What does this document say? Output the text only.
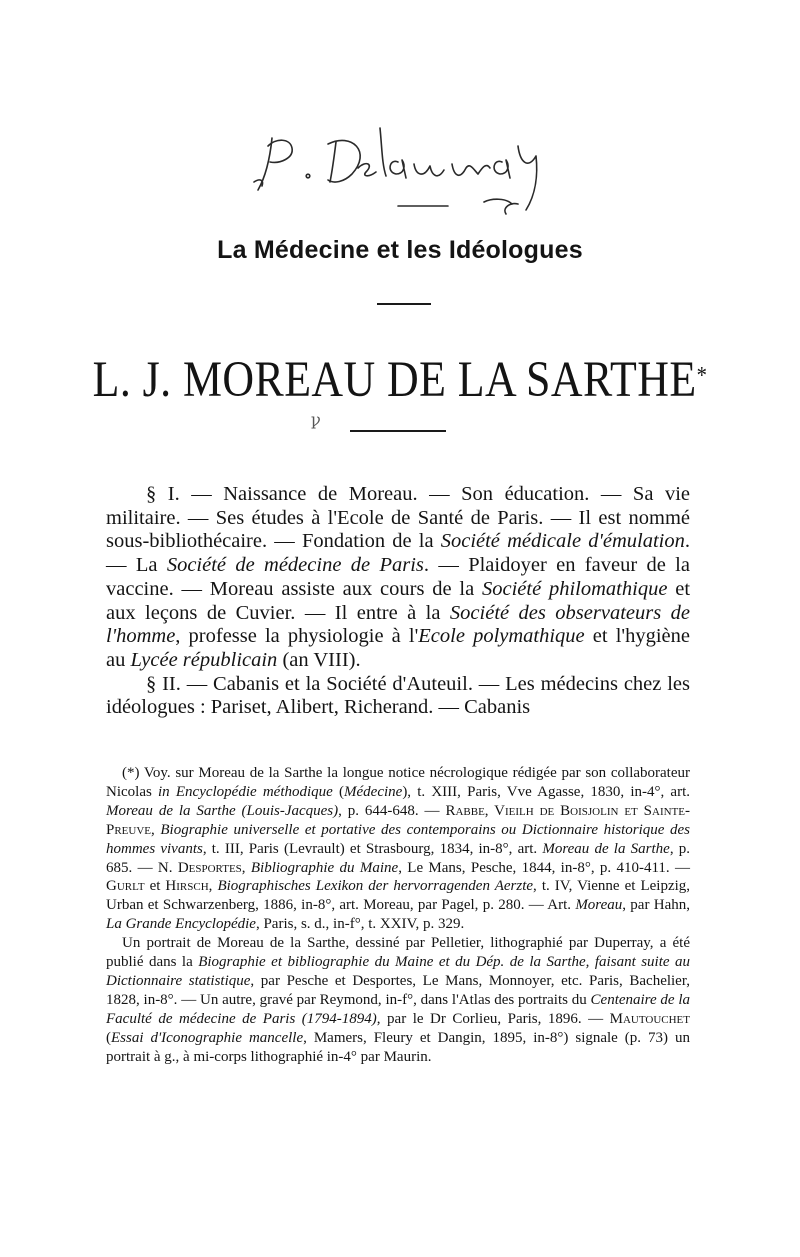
La Médecine et les Idéologues
L. J. MOREAU DE LA SARTHE*
ꝩ

§ I. — Naissance de Moreau. — Son éducation. — Sa vie militaire. — Ses études à l'Ecole de Santé de Paris. — Il est nommé sous-bibliothécaire. — Fondation de la Société médicale d'émulation. — La Société de médecine de Paris. — Plaidoyer en faveur de la vaccine. — Moreau assiste aux cours de la Société philomathique et aux leçons de Cuvier. — Il entre à la Société des observateurs de l'homme, professe la physiologie à l'Ecole polymathique et l'hygiène au Lycée républicain (an VIII).

§ II. — Cabanis et la Société d'Auteuil. — Les médecins chez les idéologues : Pariset, Alibert, Richerand. — Cabanis

(*) Voy. sur Moreau de la Sarthe la longue notice nécrologique rédigée par son collaborateur Nicolas in Encyclopédie méthodique (Médecine), t. XIII, Paris, Vve Agasse, 1830, in-4°, art. Moreau de la Sarthe (Louis-Jacques), p. 644-648. — Rabbe, Vieilh de Boisjolin et Sainte-Preuve, Biographie universelle et portative des contemporains ou Dictionnaire historique des hommes vivants, t. III, Paris (Levrault) et Strasbourg, 1834, in-8°, art. Moreau de la Sarthe, p. 685. — N. Desportes, Bibliographie du Maine, Le Mans, Pesche, 1844, in-8°, p. 410-411. — Gurlt et Hirsch, Biographisches Lexikon der hervorragenden Aerzte, t. IV, Vienne et Leipzig, Urban et Schwarzenberg, 1886, in-8°, art. Moreau, par Pagel, p. 280. — Art. Moreau, par Hahn, La Grande Encyclopédie, Paris, s. d., in-f°, t. XXIV, p. 329.

Un portrait de Moreau de la Sarthe, dessiné par Pelletier, lithographié par Duperray, a été publié dans la Biographie et bibliographie du Maine et du Dép. de la Sarthe, faisant suite au Dictionnaire statistique, par Pesche et Desportes, Le Mans, Monnoyer, etc. Paris, Bachelier, 1828, in-8°. — Un autre, gravé par Reymond, in-f°, dans l'Atlas des portraits du Centenaire de la Faculté de médecine de Paris (1794-1894), par le Dr Corlieu, Paris, 1896. — Mautouchet (Essai d'Iconographie mancelle, Mamers, Fleury et Dangin, 1895, in-8°) signale (p. 73) un portrait à g., à mi-corps lithographié in-4° par Maurin.
